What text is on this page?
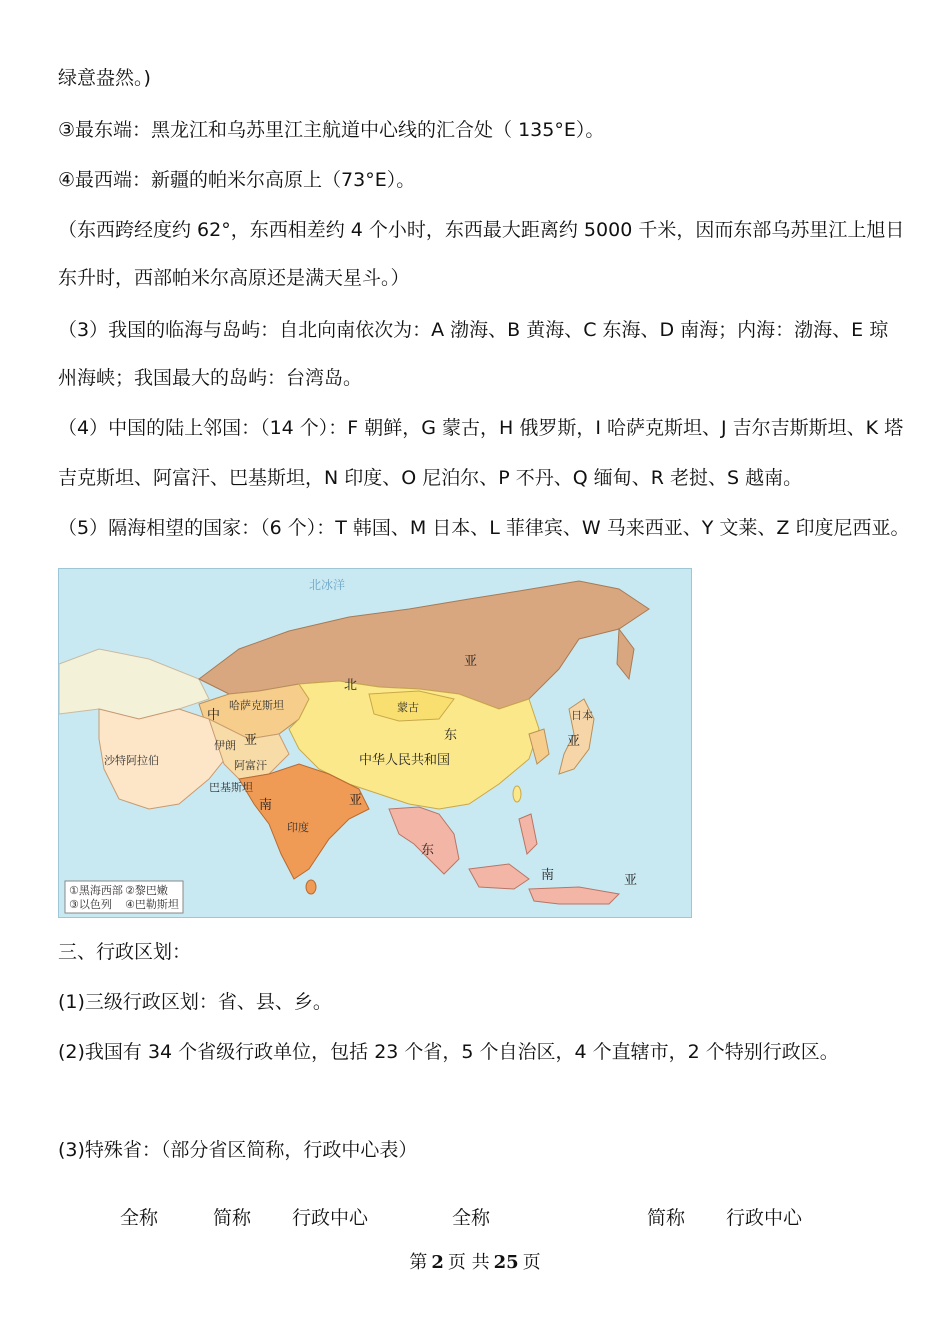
绿意盎然。)
③最东端：黑龙江和乌苏里江主航道中心线的汇合处（ 135°E）。
④最西端：新疆的帕米尔高原上（73°E）。
（东西跨经度约 62°，东西相差约 4 个小时，东西最大距离约 5000 千米，因而东部乌苏里江上旭日
东升时，西部帕米尔高原还是满天星斗。）
（3）我国的临海与岛屿：自北向南依次为：A 渤海、B 黄海、C 东海、D 南海；内海：渤海、E 琼
州海峡；我国最大的岛屿：台湾岛。
（4）中国的陆上邻国：（14 个）：F 朝鲜，G 蒙古，H 俄罗斯，I 哈萨克斯坦、J 吉尔吉斯斯坦、K 塔
吉克斯坦、阿富汗、巴基斯坦，N 印度、O 尼泊尔、P 不丹、Q 缅甸、R 老挝、S 越南。
（5）隔海相望的国家：（6 个）：T 韩国、M 日本、L 菲律宾、W 马来西亚、Y 文莱、Z 印度尼西亚。
北冰洋
北
亚
中
亚
哈萨克斯坦	蒙古
中华人民共和国
东	亚
日本
伊朗
阿富汗
巴基斯坦
沙特阿拉伯
南	亚
印度
东
南	亚
①黑海西部 ②黎巴嫩
③以色列 ④巴勒斯坦
三、行政区划：
(1)三级行政区划：省、县、乡。
(2)我国有 34 个省级行政单位，包括 23 个省，5 个自治区，4 个直辖市，2 个特别行政区。
(3)特殊省：（部分省区简称，行政中心表）
全称	简称 行政中心	全称	简称 行政中心
第 2 页 共 25 页
